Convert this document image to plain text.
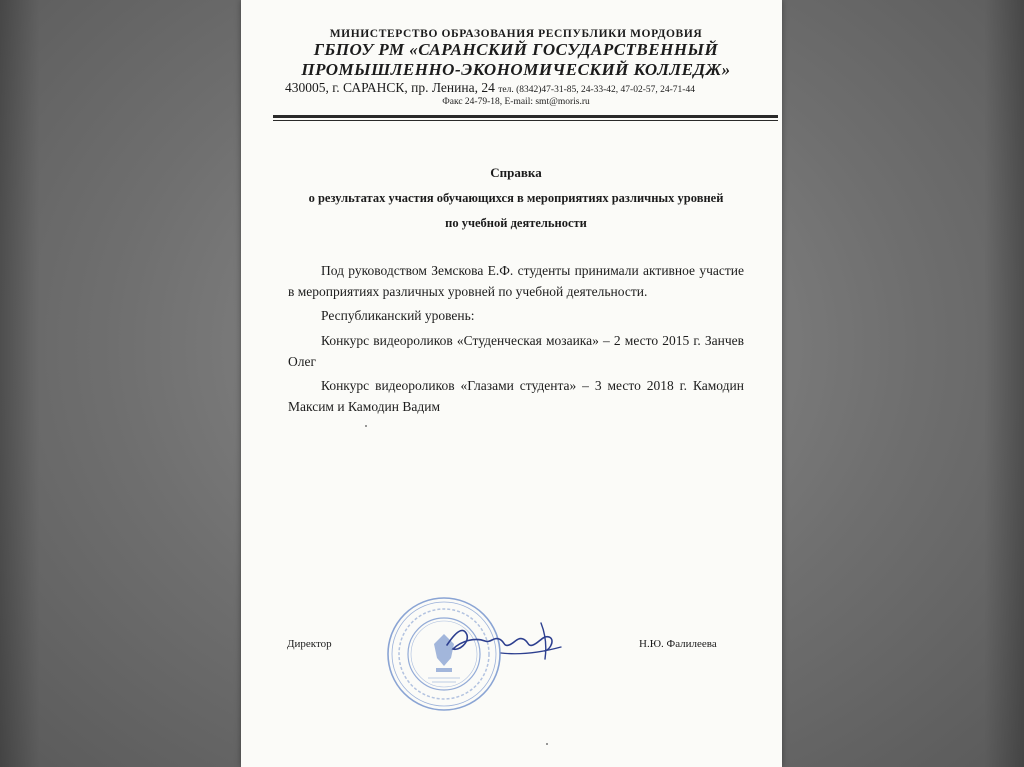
МИНИСТЕРСТВО ОБРАЗОВАНИЯ РЕСПУБЛИКИ МОРДОВИЯ
ГБПОУ РМ «САРАНСКИЙ ГОСУДАРСТВЕННЫЙ
ПРОМЫШЛЕННО-ЭКОНОМИЧЕСКИЙ КОЛЛЕДЖ»
430005, г. САРАНСК, пр. Ленина, 24 тел. (8342)47-31-85, 24-33-42, 47-02-57, 24-71-44
Факс 24-79-18, E-mail: smt@moris.ru
Справка
о результатах участия обучающихся в мероприятиях различных уровней
по учебной деятельности
Под руководством Земскова Е.Ф. студенты принимали активное участие в мероприятиях различных уровней по учебной деятельности.
Республиканский уровень:
Конкурс видеороликов «Студенческая мозаика» – 2 место 2015 г. Занчев Олег
Конкурс видеороликов «Глазами студента» – 3 место 2018 г. Камодин Максим и Камодин Вадим
Директор	Н.Ю. Фалилеева
